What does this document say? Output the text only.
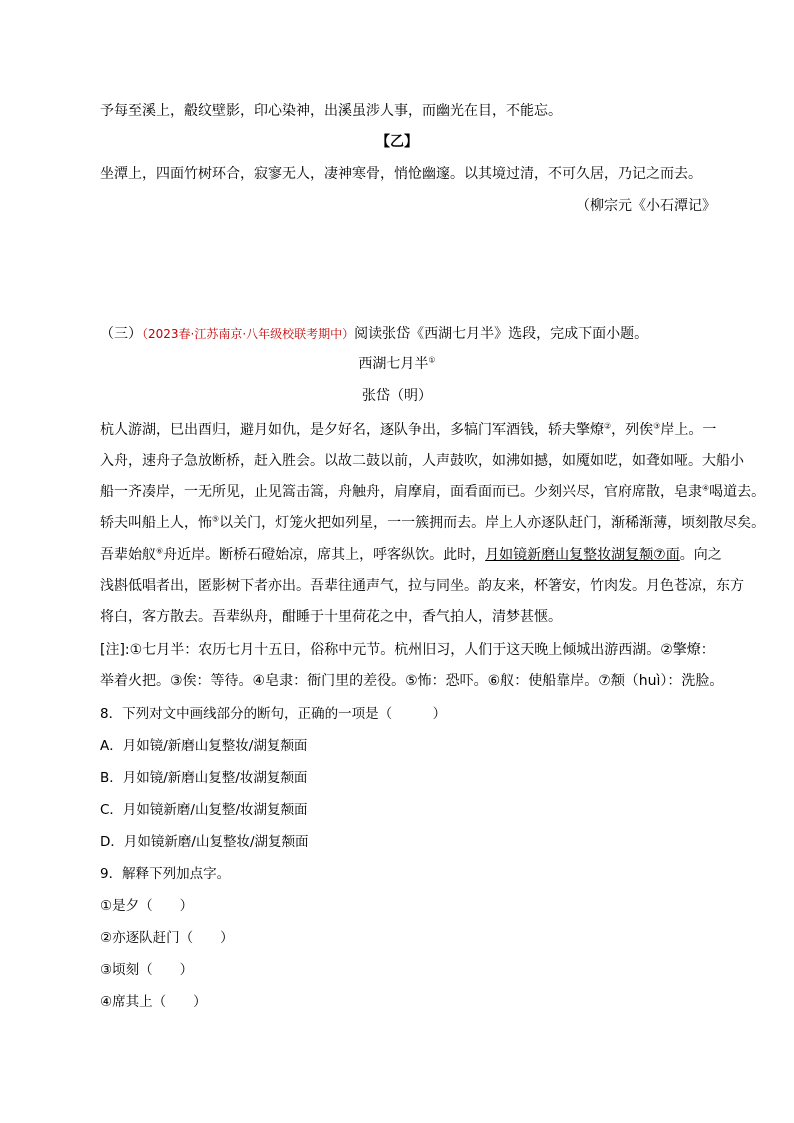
予每至溪上，觳纹壁影，印心染神，出溪虽涉人事，而幽光在目，不能忘。
【乙】
坐潭上，四面竹树环合，寂寥无人，凄神寒骨，悄怆幽邃。以其境过清，不可久居，乃记之而去。
（柳宗元《小石潭记》
（三）（2023春·江苏南京·八年级校联考期中）阅读张岱《西湖七月半》选段，完成下面小题。
西湖七月半①
张岱（明）
杭人游湖，巳出酉归，避月如仇，是夕好名，逐队争出，多犒门军酒钱，轿夫擎燎②，列俟③岸上。一
入舟，速舟子急放断桥，赶入胜会。以故二鼓以前，人声鼓吹，如沸如撼，如魇如呓，如聋如哑。大船小
船一齐凑岸，一无所见，止见篙击篙，舟触舟，肩摩肩，面看面而已。少刻兴尽，官府席散，皂隶④喝道去。
轿夫叫船上人，怖⑤以关门，灯笼火把如列星，一一簇拥而去。岸上人亦逐队赶门，渐稀渐薄，顷刻散尽矣。
吾辈始舣⑥舟近岸。断桥石磴始凉，席其上，呼客纵饮。此时，月如镜新磨山复整妆湖复颒⑦面。向之
浅斟低唱者出，匿影树下者亦出。吾辈往通声气，拉与同坐。韵友来，杯箸安，竹肉发。月色苍凉，东方
将白，客方散去。吾辈纵舟，酣睡于十里荷花之中，香气拍人，清梦甚惬。
[注]:①七月半：农历七月十五日，俗称中元节。杭州旧习，人们于这天晚上倾城出游西湖。②擎燎：
举着火把。③俟：等待。④皂隶：衙门里的差役。⑤怖：恐吓。⑥舣：使船靠岸。⑦颒（huì）：洗脸。
8．下列对文中画线部分的断句，正确的一项是（　　　）
A．月如镜/新磨山复整妆/湖复颒面
B．月如镜/新磨山复整/妆湖复颒面
C．月如镜新磨/山复整/妆湖复颒面
D．月如镜新磨/山复整妆/湖复颒面
9．解释下列加点字。
①是夕（　　）
②亦逐队赶门（　　）
③顷刻（　　）
④席其上（　　）
